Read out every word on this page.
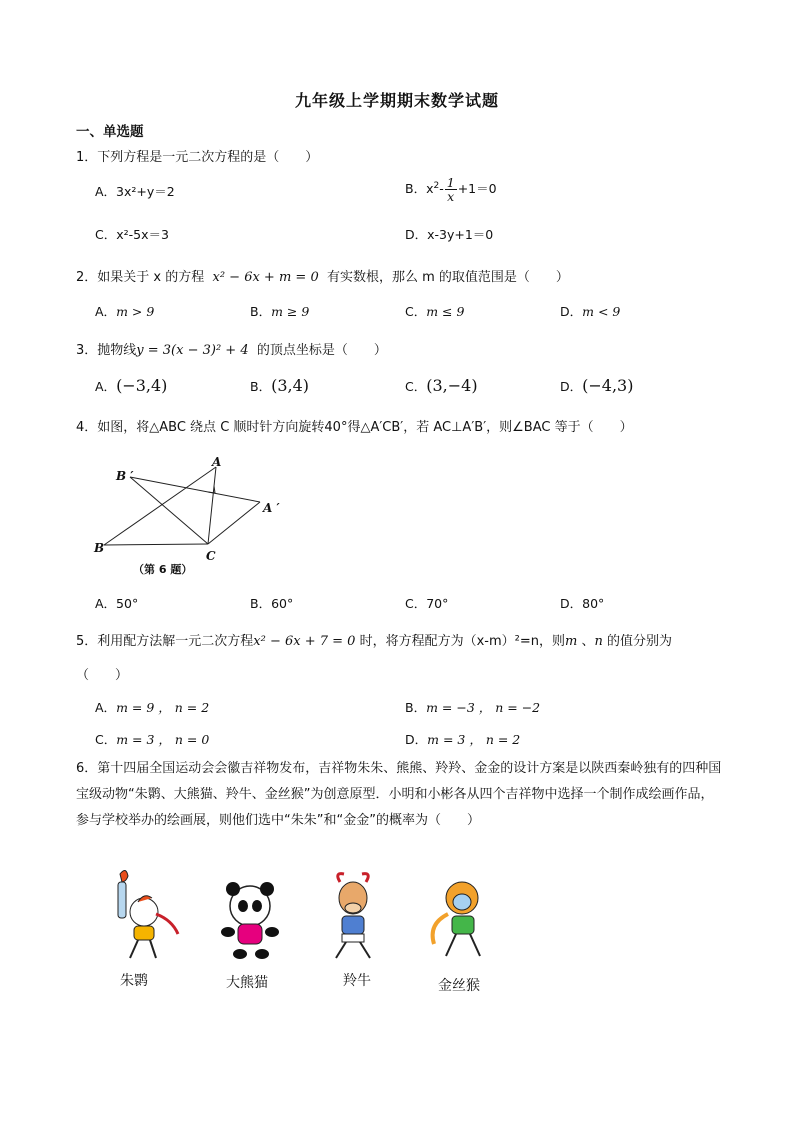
九年级上学期期末数学试题
一、单选题
1．下列方程是一元二次方程的是（　　）
A．3x²+y＝2	B．$x^2- \frac{1}{x} +1=0$
C．x²-5x＝3	D．x-3y+1＝0
2．如果关于 x 的方程 x² − 6x + m = 0 有实数根，那么 m 的取值范围是（　　）
A．m > 9	B．m ≥ 9	C．m ≤ 9	D．m < 9
3．抛物线y = 3(x − 3)² + 4 的顶点坐标是（　　）
A．(−3,4)	B．(3,4)	C．(3,−4)	D．(−4,3)
4．如图，将△ABC 绕点 C 顺时针方向旋转40°得△A′CB′，若 AC⊥A′B′，则∠BAC 等于（　　）
A
B ′
A ′
B
C
（第 6 题）
A．50°	B．60°	C．70°	D．80°
5．利用配方法解一元二次方程x² − 6x + 7 = 0 时，将方程配方为（x-m）²=n，则m 、n 的值分别为
（　　）
A．m = 9 ， n = 2	B．m = −3 ， n = −2
C．m = 3 ， n = 0	D．m = 3 ， n = 2
6．第十四届全国运动会会徽吉祥物发布，吉祥物朱朱、熊熊、羚羚、金金的设计方案是以陕西秦岭独有的四种国宝级动物“朱鹮、大熊猫、羚牛、金丝猴”为创意原型．小明和小彬各从四个吉祥物中选择一个制作成绘画作品，参与学校举办的绘画展，则他们选中“朱朱”和“金金”的概率为（　　）
朱鹮	大熊猫	羚牛	金丝猴
